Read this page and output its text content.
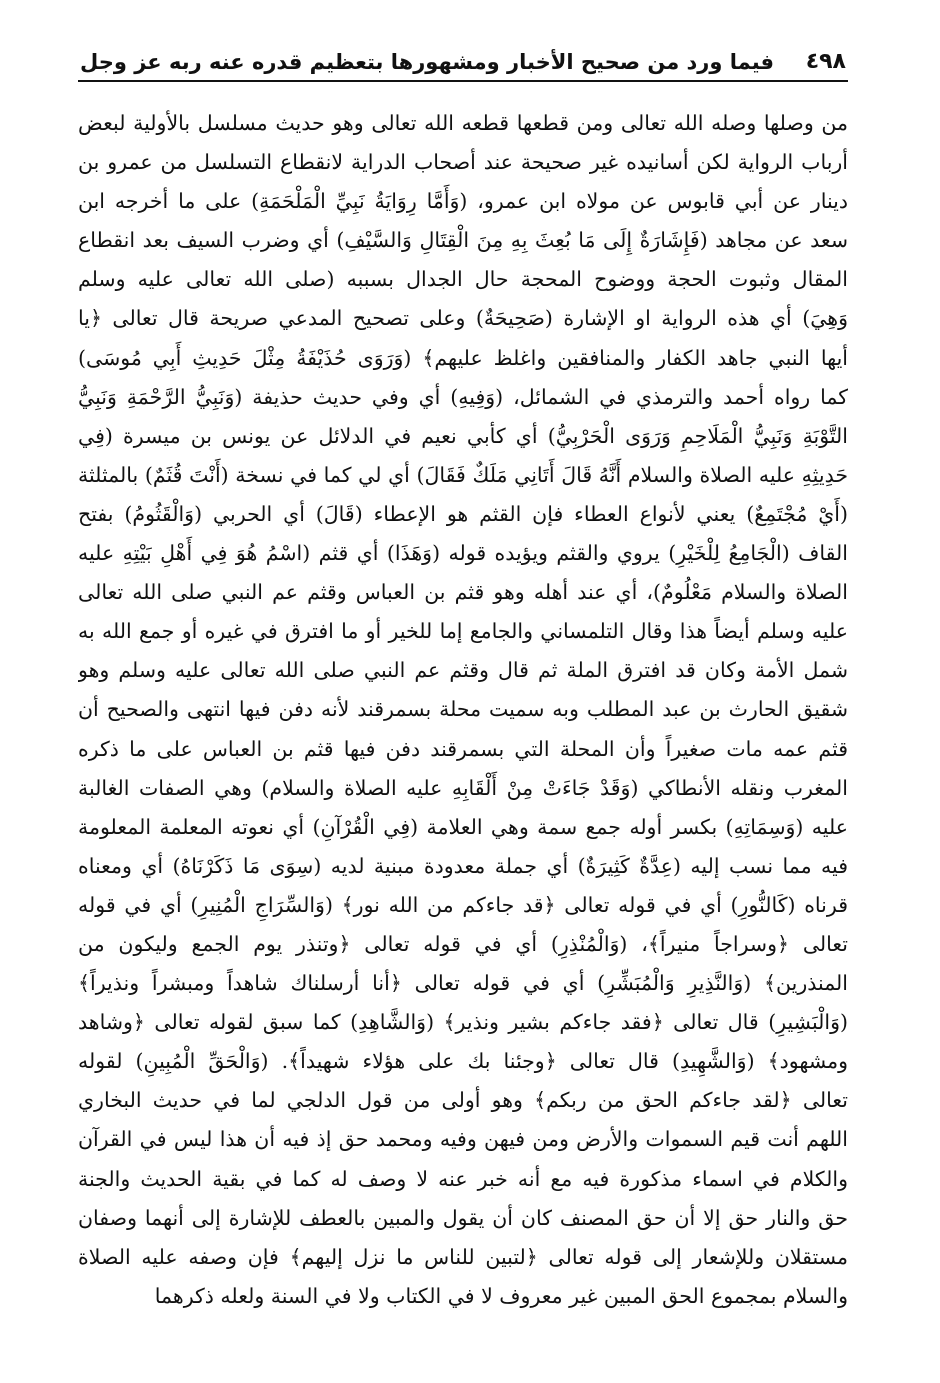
٤٩٨
فيما ورد من صحيح الأخبار ومشهورها بتعظيم قدره عنه ربه عز وجل
من وصلها وصله الله تعالى ومن قطعها قطعه الله تعالى وهو حديث مسلسل بالأولية لبعض
أرباب الرواية لكن أسانيده غير صحيحة عند أصحاب الدراية لانقطاع التسلسل من عمرو بن
دينار عن أبي قابوس عن مولاه ابن عمرو، (وَأَمَّا رِوَايَةُ نَبِيِّ الْمَلْحَمَةِ) على ما أخرجه ابن
سعد عن مجاهد (فَإِشَارَةٌ إِلَى مَا بُعِثَ بِهِ مِنَ الْقِتَالِ وَالسَّيْفِ) أي وضرب السيف بعد انقطاع
المقال وثبوت الحجة ووضوح المحجة حال الجدال بسببه (صلى الله تعالى عليه وسلم
وَهِيَ) أي هذه الرواية او الإشارة (صَحِيحَةٌ) وعلى تصحيح المدعي صريحة قال تعالى ﴿يا
أيها النبي جاهد الكفار والمنافقين واغلظ عليهم﴾ (وَرَوَى حُذَيْفَةُ مِثْلَ حَدِيثِ أَبِي مُوسَى)
كما رواه أحمد والترمذي في الشمائل، (وَفِيهِ) أي وفي حديث حذيفة (وَنَبِيُّ الرَّحْمَةِ وَنَبِيُّ
التَّوْبَةِ وَنَبِيُّ الْمَلَاحِمِ وَرَوَى الْحَرْبِيُّ) أي كأبي نعيم في الدلائل عن يونس بن ميسرة (فِي
حَدِيثِهِ عليه الصلاة والسلام أَنَّهُ قَالَ أَتَانِي مَلَكٌ فَقَالَ) أي لي كما في نسخة (أَنْتَ قُثَمٌ) بالمثلثة
(أَيْ مُجْتَمِعٌ) يعني لأنواع العطاء فإن القثم هو الإعطاء (قَالَ) أي الحربي (وَالْقَثُومُ) بفتح
القاف (الْجَامِعُ لِلْخَيْرِ) يروي والقثم ويؤيده قوله (وَهَذَا) أي قثم (اسْمُ هُوَ فِي أَهْلِ بَيْتِهِ عليه
الصلاة والسلام مَعْلُومٌ)، أي عند أهله وهو قثم بن العباس وقثم عم النبي صلى الله تعالى
عليه وسلم أيضاً هذا وقال التلمساني والجامع إما للخير أو ما افترق في غيره أو جمع الله به
شمل الأمة وكان قد افترق الملة ثم قال وقثم عم النبي صلى الله تعالى عليه وسلم وهو
شقيق الحارث بن عبد المطلب وبه سميت محلة بسمرقند لأنه دفن فيها انتهى والصحيح أن
قثم عمه مات صغيراً وأن المحلة التي بسمرقند دفن فيها قثم بن العباس على ما ذكره
المغرب ونقله الأنطاكي (وَقَدْ جَاءَتْ مِنْ أَلْقَابِهِ عليه الصلاة والسلام) وهي الصفات الغالبة
عليه (وَسِمَاتِهِ) بكسر أوله جمع سمة وهي العلامة (فِي الْقُرْآنِ) أي نعوته المعلمة المعلومة
فيه مما نسب إليه (عِدَّةٌ كَثِيرَةٌ) أي جملة معدودة مبنية لديه (سِوَى مَا ذَكَرْنَاهُ) أي ومعناه
قرناه (كَالنُّورِ) أي في قوله تعالى ﴿قد جاءكم من الله نور﴾ (وَالسِّرَاجِ الْمُنِيرِ) أي في قوله
تعالى ﴿وسراجاً منيراً﴾، (وَالْمُنْذِرِ) أي في قوله تعالى ﴿وتنذر يوم الجمع وليكون من
المنذرين﴾ (وَالنَّذِيرِ وَالْمُبَشِّرِ) أي في قوله تعالى ﴿أنا أرسلناك شاهداً ومبشراً ونذيراً﴾
(وَالْبَشِيرِ) قال تعالى ﴿فقد جاءكم بشير ونذير﴾ (وَالشَّاهِدِ) كما سبق لقوله تعالى ﴿وشاهد
ومشهود﴾ (وَالشَّهِيدِ) قال تعالى ﴿وجئنا بك على هؤلاء شهيداً﴾. (وَالْحَقِّ الْمُبِينِ) لقوله
تعالى ﴿لقد جاءكم الحق من ربكم﴾ وهو أولى من قول الدلجي لما في حديث البخاري
اللهم أنت قيم السموات والأرض ومن فيهن وفيه ومحمد حق إذ فيه أن هذا ليس في القرآن
والكلام في اسماء مذكورة فيه مع أنه خبر عنه لا وصف له كما في بقية الحديث والجنة
حق والنار حق إلا أن حق المصنف كان أن يقول والمبين بالعطف للإشارة إلى أنهما وصفان
مستقلان وللإشعار إلى قوله تعالى ﴿لتبين للناس ما نزل إليهم﴾ فإن وصفه عليه الصلاة
والسلام بمجموع الحق المبين غير معروف لا في الكتاب ولا في السنة ولعله ذكرهما
